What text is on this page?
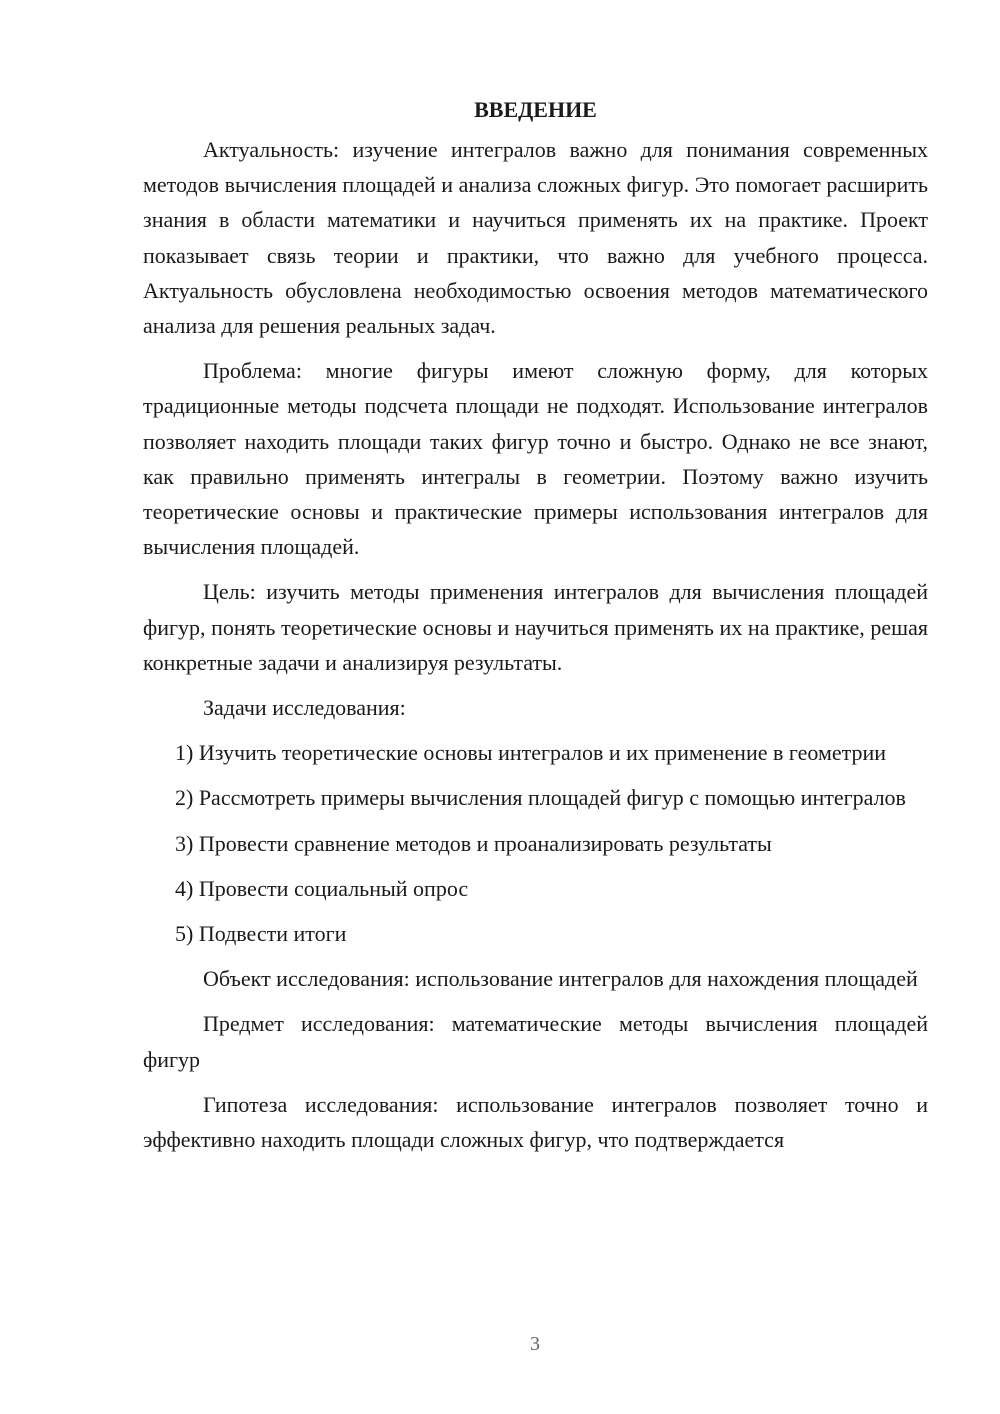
ВВЕДЕНИЕ

Актуальность: изучение интегралов важно для понимания современных методов вычисления площадей и анализа сложных фигур. Это помогает расширить знания в области математики и научиться применять их на практике. Проект показывает связь теории и практики, что важно для учебного процесса. Актуальность обусловлена необходимостью освоения методов математического анализа для решения реальных задач.

Проблема: многие фигуры имеют сложную форму, для которых традиционные методы подсчета площади не подходят. Использование интегралов позволяет находить площади таких фигур точно и быстро. Однако не все знают, как правильно применять интегралы в геометрии. Поэтому важно изучить теоретические основы и практические примеры использования интегралов для вычисления площадей.

Цель: изучить методы применения интегралов для вычисления площадей фигур, понять теоретические основы и научиться применять их на практике, решая конкретные задачи и анализируя результаты.

Задачи исследования:

1) Изучить теоретические основы интегралов и их применение в геометрии

2) Рассмотреть примеры вычисления площадей фигур с помощью интегралов

3) Провести сравнение методов и проанализировать результаты

4) Провести социальный опрос

5) Подвести итоги

Объект исследования: использование интегралов для нахождения площадей

Предмет исследования: математические методы вычисления площадей фигур

Гипотеза исследования: использование интегралов позволяет точно и эффективно находить площади сложных фигур, что подтверждается

3
